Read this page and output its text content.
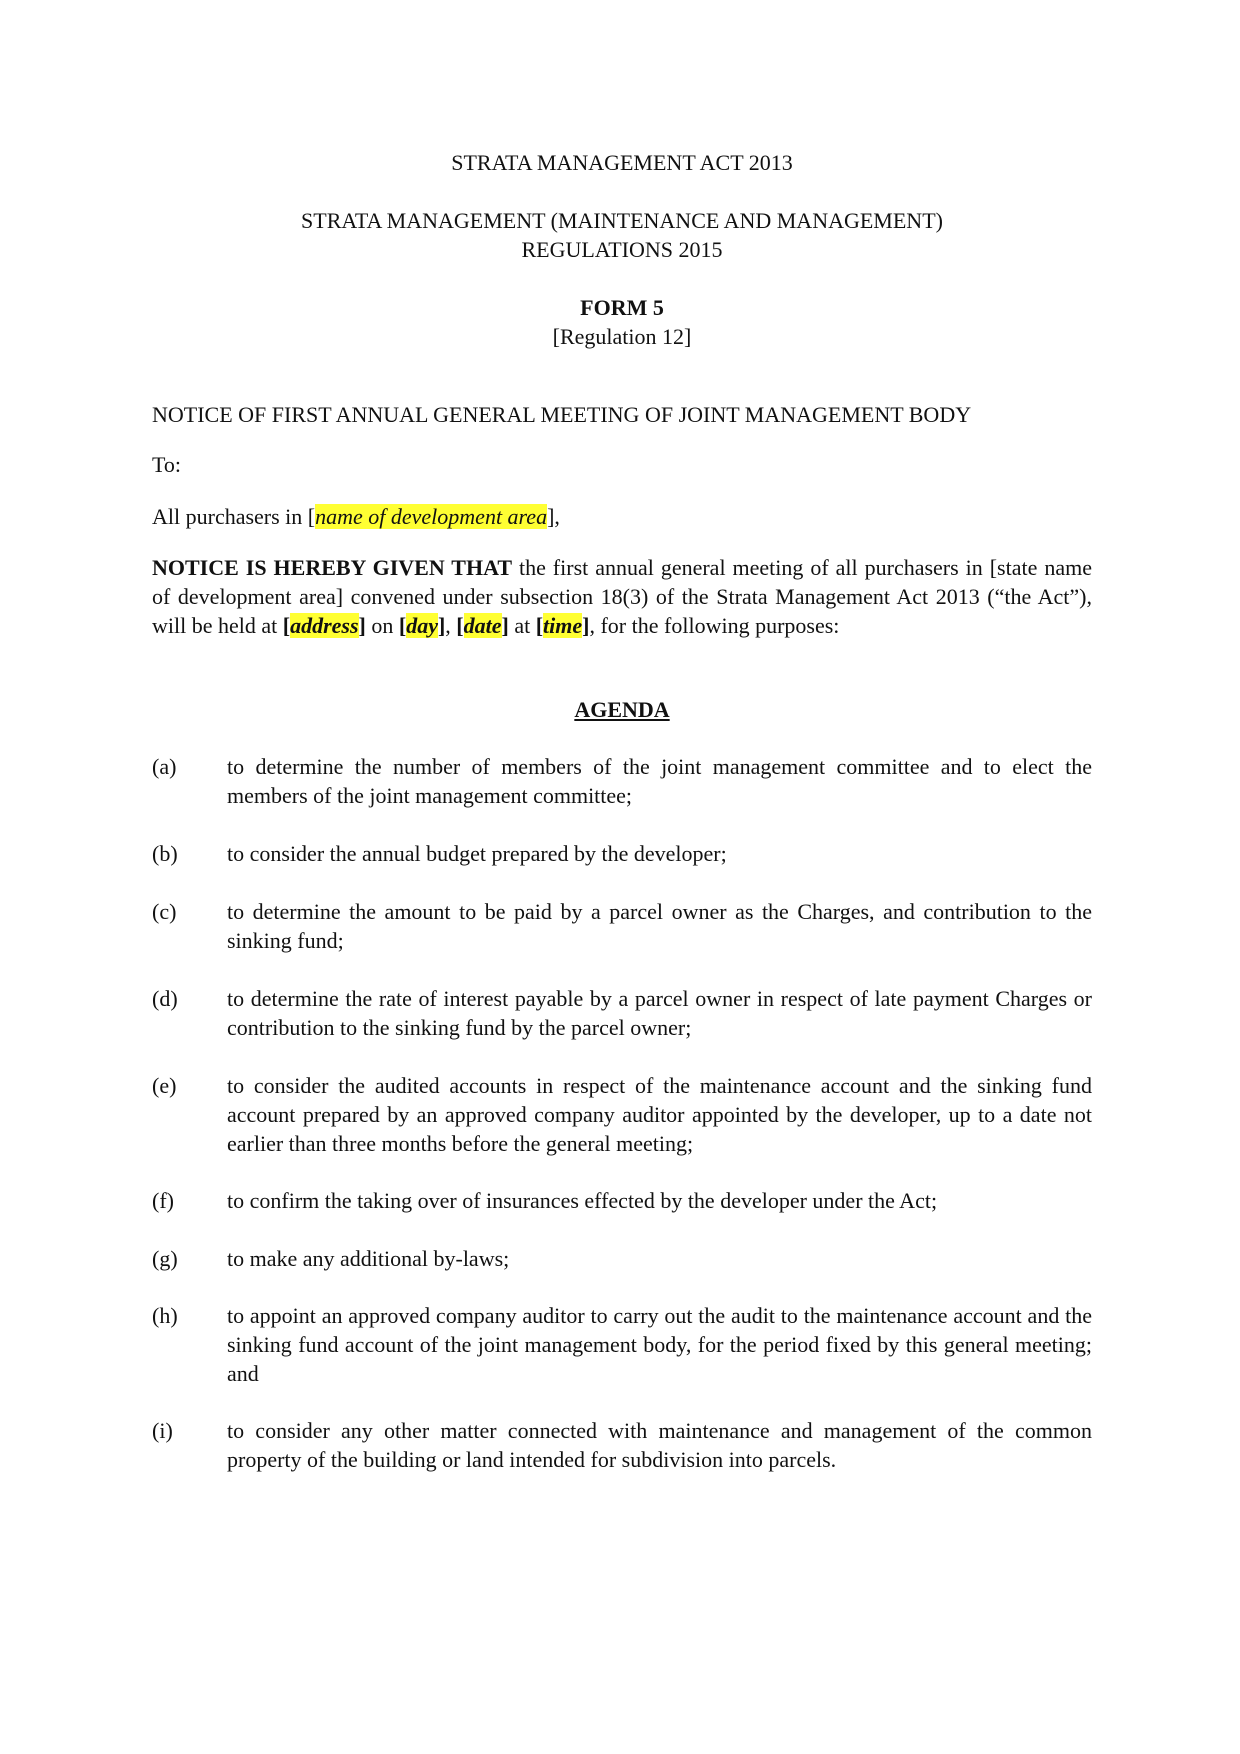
STRATA MANAGEMENT ACT 2013
STRATA MANAGEMENT (MAINTENANCE AND MANAGEMENT)
REGULATIONS 2015
FORM 5
[Regulation 12]
NOTICE OF FIRST ANNUAL GENERAL MEETING OF JOINT MANAGEMENT BODY
To:
All purchasers in [name of development area],
NOTICE IS HEREBY GIVEN THAT the first annual general meeting of all purchasers in [state name of development area] convened under subsection 18(3) of the Strata Management Act 2013 (“the Act”), will be held at [address] on [day], [date] at [time], for the following purposes:
AGENDA
(a)	to determine the number of members of the joint management committee and to elect the members of the joint management committee;
(b)	to consider the annual budget prepared by the developer;
(c)	to determine the amount to be paid by a parcel owner as the Charges, and contribution to the sinking fund;
(d)	to determine the rate of interest payable by a parcel owner in respect of late payment Charges or contribution to the sinking fund by the parcel owner;
(e)	to consider the audited accounts in respect of the maintenance account and the sinking fund account prepared by an approved company auditor appointed by the developer, up to a date not earlier than three months before the general meeting;
(f)	to confirm the taking over of insurances effected by the developer under the Act;
(g)	to make any additional by-laws;
(h)	to appoint an approved company auditor to carry out the audit to the maintenance account and the sinking fund account of the joint management body, for the period fixed by this general meeting; and
(i)	to consider any other matter connected with maintenance and management of the common property of the building or land intended for subdivision into parcels.
